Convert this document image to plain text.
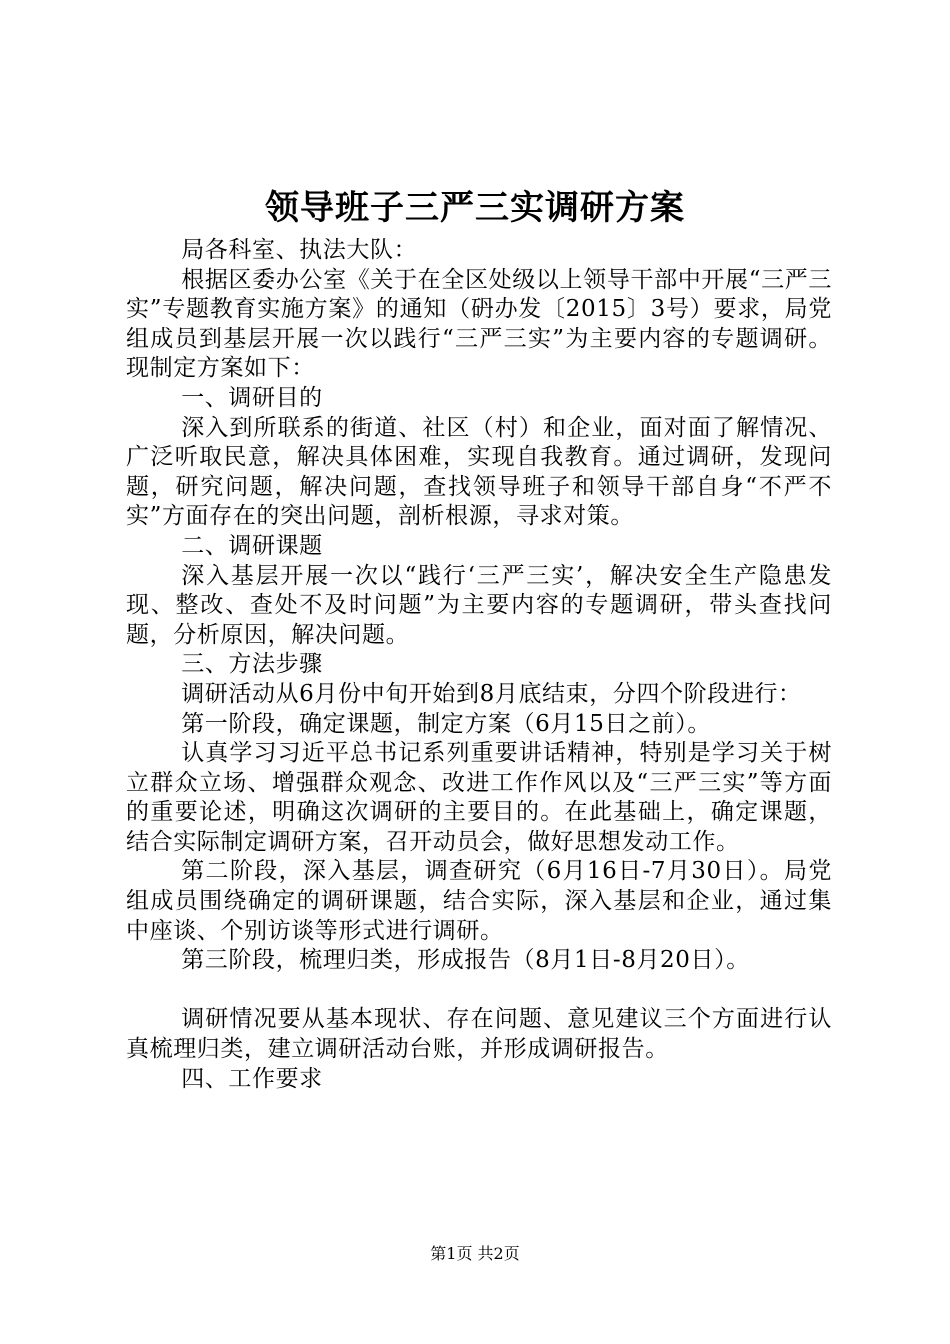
领导班子三严三实调研方案

局各科室、执法大队：

根据区委办公室《关于在全区处级以上领导干部中开展“三严三实”专题教育实施方案》的通知（砃办发〔2015〕3号）要求，局党组成员到基层开展一次以践行“三严三实”为主要内容的专题调研。现制定方案如下：

一、调研目的

深入到所联系的街道、社区（村）和企业，面对面了解情况、广泛听取民意，解决具体困难，实现自我教育。通过调研，发现问题，研究问题，解决问题，查找领导班子和领导干部自身“不严不实”方面存在的突出问题，剖析根源，寻求对策。

二、调研课题

深入基层开展一次以“践行‘三严三实’，解决安全生产隐患发现、整改、查处不及时问题”为主要内容的专题调研，带头查找问题，分析原因，解决问题。

三、方法步骤

调研活动从6月份中旬开始到8月底结束，分四个阶段进行：

第一阶段，确定课题，制定方案（6月15日之前）。

认真学习习近平总书记系列重要讲话精神，特别是学习关于树立群众立场、增强群众观念、改进工作作风以及“三严三实”等方面的重要论述，明确这次调研的主要目的。在此基础上，确定课题，结合实际制定调研方案，召开动员会，做好思想发动工作。

第二阶段，深入基层，调查研究（6月16日-7月30日）。局党组成员围绕确定的调研课题，结合实际，深入基层和企业，通过集中座谈、个别访谈等形式进行调研。

第三阶段，梳理归类，形成报告（8月1日-8月20日）。

调研情况要从基本现状、存在问题、意见建议三个方面进行认真梳理归类，建立调研活动台账，并形成调研报告。

四、工作要求

第1页 共2页
